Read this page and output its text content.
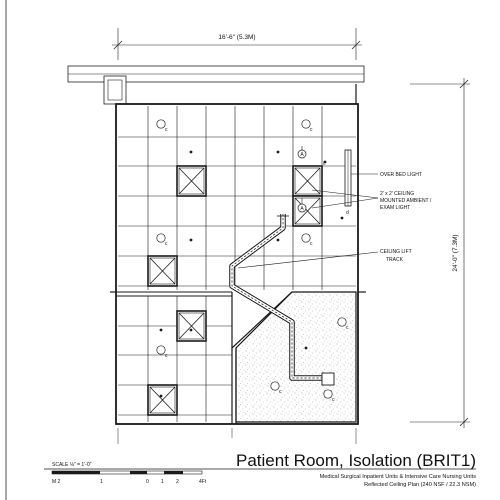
16'-6" (5.3M)
24'-0" (7.3M)
c	c
c	c
c
c
c
c
A
A
d
c
OVER BED LIGHT
2' x 2' CEILING
MOUNTED AMBIENT /
EXAM LIGHT
CEILING LIFT
TRACK
SCALE ⅛" = 1'-0"
M 2	1	0 1 2	4Ft
Patient Room, Isolation (BRIT1)
Medical Surgical Inpatient Units & Intensive Care Nursing Units
Reflected Ceiling Plan (240 NSF / 22.3 NSM)
